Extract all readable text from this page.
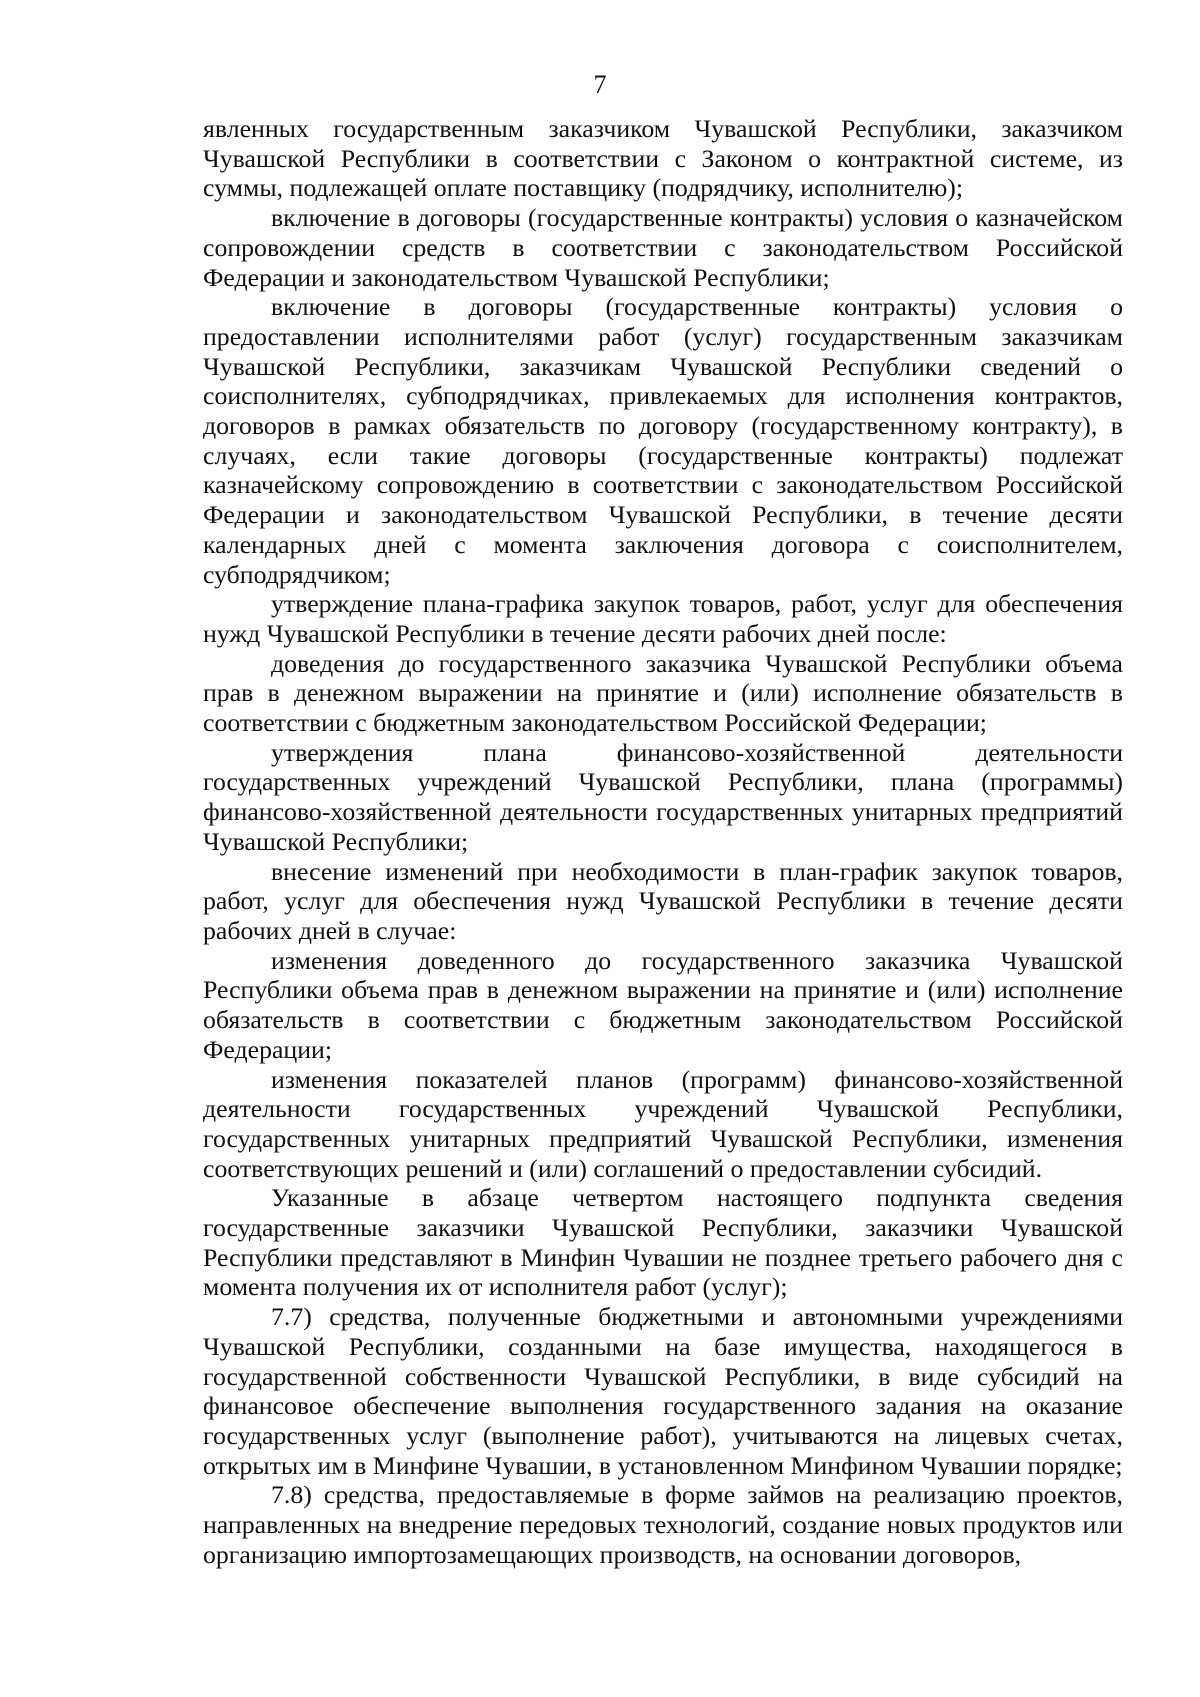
7

явленных государственным заказчиком Чувашской Республики, заказчиком Чувашской Республики в соответствии с Законом о контрактной системе, из суммы, подлежащей оплате поставщику (подрядчику, исполнителю);

включение в договоры (государственные контракты) условия о казначейском сопровождении средств в соответствии с законодательством Российской Федерации и законодательством Чувашской Республики;

включение в договоры (государственные контракты) условия о предоставлении исполнителями работ (услуг) государственным заказчикам Чувашской Республики, заказчикам Чувашской Республики сведений о соисполнителях, субподрядчиках, привлекаемых для исполнения контрактов, договоров в рамках обязательств по договору (государственному контракту), в случаях, если такие договоры (государственные контракты) подлежат казначейскому сопровождению в соответствии с законодательством Российской Федерации и законодательством Чувашской Республики, в течение десяти календарных дней с момента заключения договора с соисполнителем, субподрядчиком;

утверждение плана-графика закупок товаров, работ, услуг для обеспечения нужд Чувашской Республики в течение десяти рабочих дней после:

доведения до государственного заказчика Чувашской Республики объема прав в денежном выражении на принятие и (или) исполнение обязательств в соответствии с бюджетным законодательством Российской Федерации;

утверждения плана финансово-хозяйственной деятельности государственных учреждений Чувашской Республики, плана (программы) финансово-хозяйственной деятельности государственных унитарных предприятий Чувашской Республики;

внесение изменений при необходимости в план-график закупок товаров, работ, услуг для обеспечения нужд Чувашской Республики в течение десяти рабочих дней в случае:

изменения доведенного до государственного заказчика Чувашской Республики объема прав в денежном выражении на принятие и (или) исполнение обязательств в соответствии с бюджетным законодательством Российской Федерации;

изменения показателей планов (программ) финансово-хозяйственной деятельности государственных учреждений Чувашской Республики, государственных унитарных предприятий Чувашской Республики, изменения соответствующих решений и (или) соглашений о предоставлении субсидий.

Указанные в абзаце четвертом настоящего подпункта сведения государственные заказчики Чувашской Республики, заказчики Чувашской Республики представляют в Минфин Чувашии не позднее третьего рабочего дня с момента получения их от исполнителя работ (услуг);

7.7) средства, полученные бюджетными и автономными учреждениями Чувашской Республики, созданными на базе имущества, находящегося в государственной собственности Чувашской Республики, в виде субсидий на финансовое обеспечение выполнения государственного задания на оказание государственных услуг (выполнение работ), учитываются на лицевых счетах, открытых им в Минфине Чувашии, в установленном Минфином Чувашии порядке;

7.8) средства, предоставляемые в форме займов на реализацию проектов, направленных на внедрение передовых технологий, создание новых продуктов или организацию импортозамещающих производств, на основании договоров,
